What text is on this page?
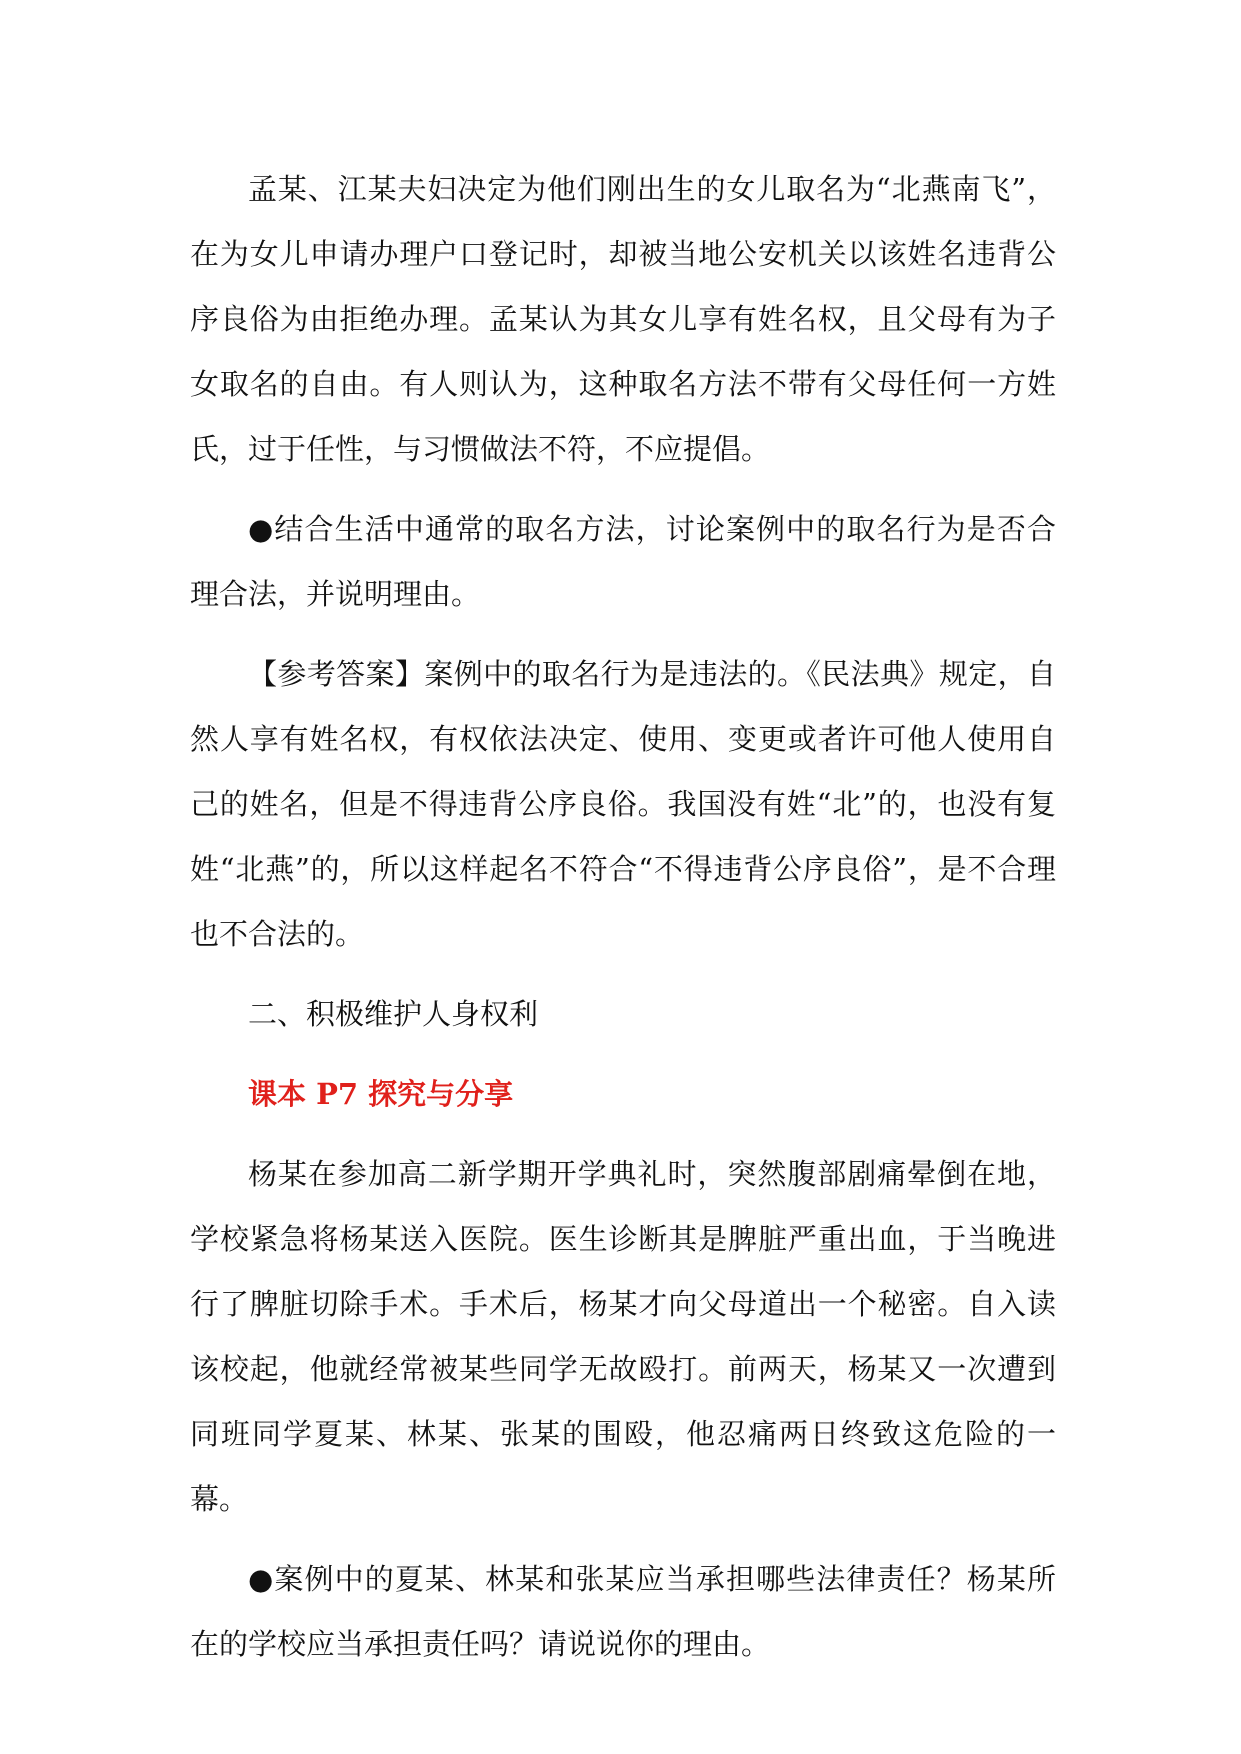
孟某、江某夫妇决定为他们刚出生的女儿取名为“北燕南飞”，在为女儿申请办理户口登记时，却被当地公安机关以该姓名违背公序良俗为由拒绝办理。孟某认为其女儿享有姓名权，且父母有为子女取名的自由。有人则认为，这种取名方法不带有父母任何一方姓氏，过于任性，与习惯做法不符，不应提倡。

●结合生活中通常的取名方法，讨论案例中的取名行为是否合理合法，并说明理由。

【参考答案】案例中的取名行为是违法的。《民法典》规定，自然人享有姓名权，有权依法决定、使用、变更或者许可他人使用自己的姓名，但是不得违背公序良俗。我国没有姓“北”的，也没有复姓“北燕”的，所以这样起名不符合“不得违背公序良俗”，是不合理也不合法的。

二、积极维护人身权利

课本 P7 探究与分享

杨某在参加高二新学期开学典礼时，突然腹部剧痛晕倒在地，学校紧急将杨某送入医院。医生诊断其是脾脏严重出血，于当晚进行了脾脏切除手术。手术后，杨某才向父母道出一个秘密。自入读该校起，他就经常被某些同学无故殴打。前两天，杨某又一次遭到同班同学夏某、林某、张某的围殴，他忍痛两日终致这危险的一幕。

●案例中的夏某、林某和张某应当承担哪些法律责任？杨某所在的学校应当承担责任吗？请说说你的理由。
